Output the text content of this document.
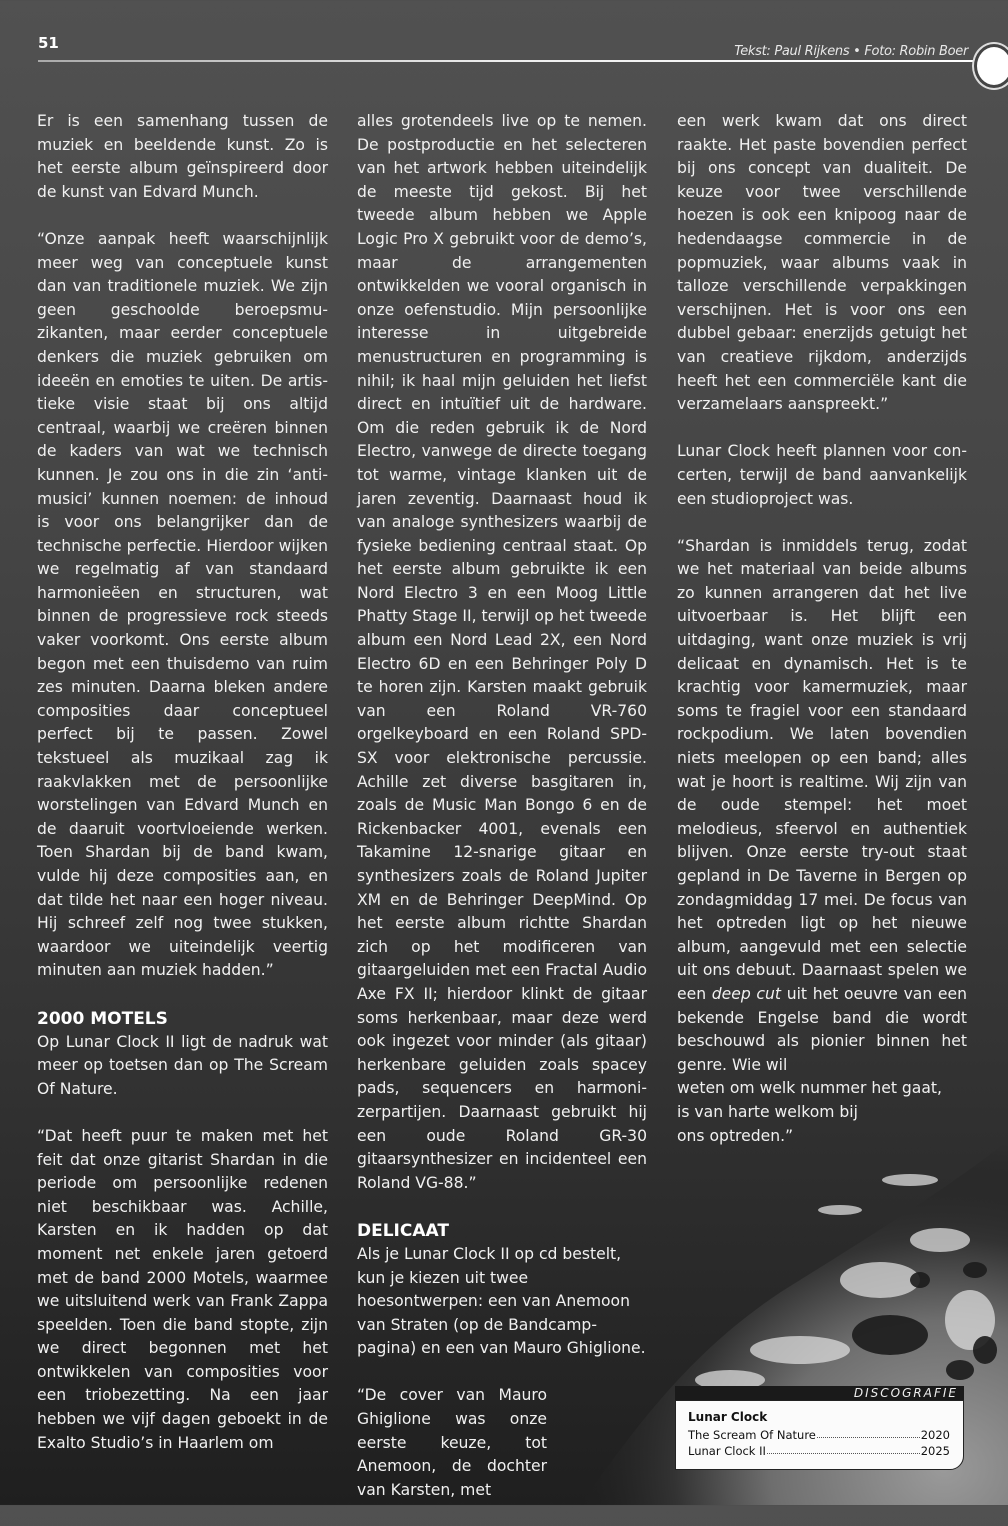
51	Tekst: Paul Rijkens • Foto: Robin Boer

Er is een samenhang tussen de muziek en beeldende kunst. Zo is het eerste album geïnspireerd door de kunst van Edvard Munch.

“Onze aanpak heeft waarschijnlijk meer weg van conceptuele kunst dan van traditionele muziek. We zijn geen geschoolde beroepsmuzikanten, maar eerder conceptuele denkers die muziek gebruiken om ideeën en emoties te uiten. De artistieke visie staat bij ons altijd centraal, waarbij we creëren binnen de kaders van wat we technisch kunnen. Je zou ons in die zin ‘anti-musici’ kunnen noemen: de inhoud is voor ons belangrijker dan de technische perfectie. Hierdoor wijken we regelmatig af van standaard harmonieëen en structuren, wat binnen de progressieve rock steeds vaker voorkomt. Ons eerste album begon met een thuisdemo van ruim zes minuten. Daarna bleken andere composities daar conceptueel perfect bij te passen. Zowel tekstueel als muzikaal zag ik raakvlakken met de persoonlijke worstelingen van Edvard Munch en de daaruit voortvloeiende werken. Toen Shardan bij de band kwam, vulde hij deze composities aan, en dat tilde het naar een hoger niveau. Hij schreef zelf nog twee stukken, waardoor we uiteindelijk veertig minuten aan muziek hadden.”

2000 MOTELS

Op Lunar Clock II ligt de nadruk wat meer op toetsen dan op The Scream Of Nature.

“Dat heeft puur te maken met het feit dat onze gitarist Shardan in die periode om persoonlijke redenen niet beschikbaar was. Achille, Karsten en ik hadden op dat moment net enkele jaren getoerd met de band 2000 Motels, waarmee we uitsluitend werk van Frank Zappa speelden. Toen die band stopte, zijn we direct begonnen met het ontwikkelen van composities voor een triobezetting. Na een jaar hebben we vijf dagen geboekt in de Exalto Studio’s in Haarlem om

alles grotendeels live op te nemen. De postproductie en het selecteren van het artwork hebben uiteindelijk de meeste tijd gekost. Bij het tweede album hebben we Apple Logic Pro X gebruikt voor de demo’s, maar de arrangementen ontwikkelden we vooral organisch in onze oefenstudio. Mijn persoonlijke interesse in uitgebreide menustructuren en programming is nihil; ik haal mijn geluiden het liefst direct en intuïtief uit de hardware. Om die reden gebruik ik de Nord Electro, vanwege de directe toegang tot warme, vintage klanken uit de jaren zeventig. Daarnaast houd ik van analoge synthesizers waarbij de fysieke bediening centraal staat. Op het eerste album gebruikte ik een Nord Electro 3 en een Moog Little Phatty Stage II, terwijl op het tweede album een Nord Lead 2X, een Nord Electro 6D en een Behringer Poly D te horen zijn. Karsten maakt gebruik van een Roland VR-760 orgelkeyboard en een Roland SPD-SX voor elektronische percussie. Achille zet diverse basgitaren in, zoals de Music Man Bongo 6 en de Rickenbacker 4001, evenals een Takamine 12-snarige gitaar en synthesizers zoals de Roland Jupiter XM en de Behringer DeepMind. Op het eerste album richtte Shardan zich op het modificeren van gitaargeluiden met een Fractal Audio Axe FX II; hierdoor klinkt de gitaar soms herkenbaar, maar deze werd ook ingezet voor minder (als gitaar) herkenbare geluiden zoals spacey pads, sequencers en harmonizerpartijen. Daarnaast gebruikt hij een oude Roland GR-30 gitaarsynthesizer en incidenteel een Roland VG-88.”

DELICAAT

Als je Lunar Clock II op cd bestelt, kun je kiezen uit twee hoesontwerpen: een van Anemoon van Straten (op de Bandcamp-pagina) en een van Mauro Ghiglione.

“De cover van Mauro Ghiglione was onze eerste keuze, tot Anemoon, de dochter van Karsten, met

een werk kwam dat ons direct raakte. Het paste bovendien perfect bij ons concept van dualiteit. De keuze voor twee verschillende hoezen is ook een knipoog naar de hedendaagse commercie in de popmuziek, waar albums vaak in talloze verschillende verpakkingen verschijnen. Het is voor ons een dubbel gebaar: enerzijds getuigt het van creatieve rijkdom, anderzijds heeft het een commerciële kant die verzamelaars aanspreekt.”

Lunar Clock heeft plannen voor concerten, terwijl de band aanvankelijk een studioproject was.

“Shardan is inmiddels terug, zodat we het materiaal van beide albums zo kunnen arrangeren dat het live uitvoerbaar is. Het blijft een uitdaging, want onze muziek is vrij delicaat en dynamisch. Het is te krachtig voor kamermuziek, maar soms te fragiel voor een standaard rockpodium. We laten bovendien niets meelopen op een band; alles wat je hoort is realtime. Wij zijn van de oude stempel: het moet melodieus, sfeervol en authentiek blijven. Onze eerste try-out staat gepland in De Taverne in Bergen op zondagmiddag 17 mei. De focus van het optreden ligt op het nieuwe album, aangevuld met een selectie uit ons debuut. Daarnaast spelen we een deep cut uit het oeuvre van een bekende Engelse band die wordt beschouwd als pionier binnen het genre. Wie wil

weten om welk nummer het gaat,
is van harte welkom bij
ons optreden.”
DISCOGRAFIE
Lunar Clock
The Scream Of Nature	2020
Lunar Clock II	2025
